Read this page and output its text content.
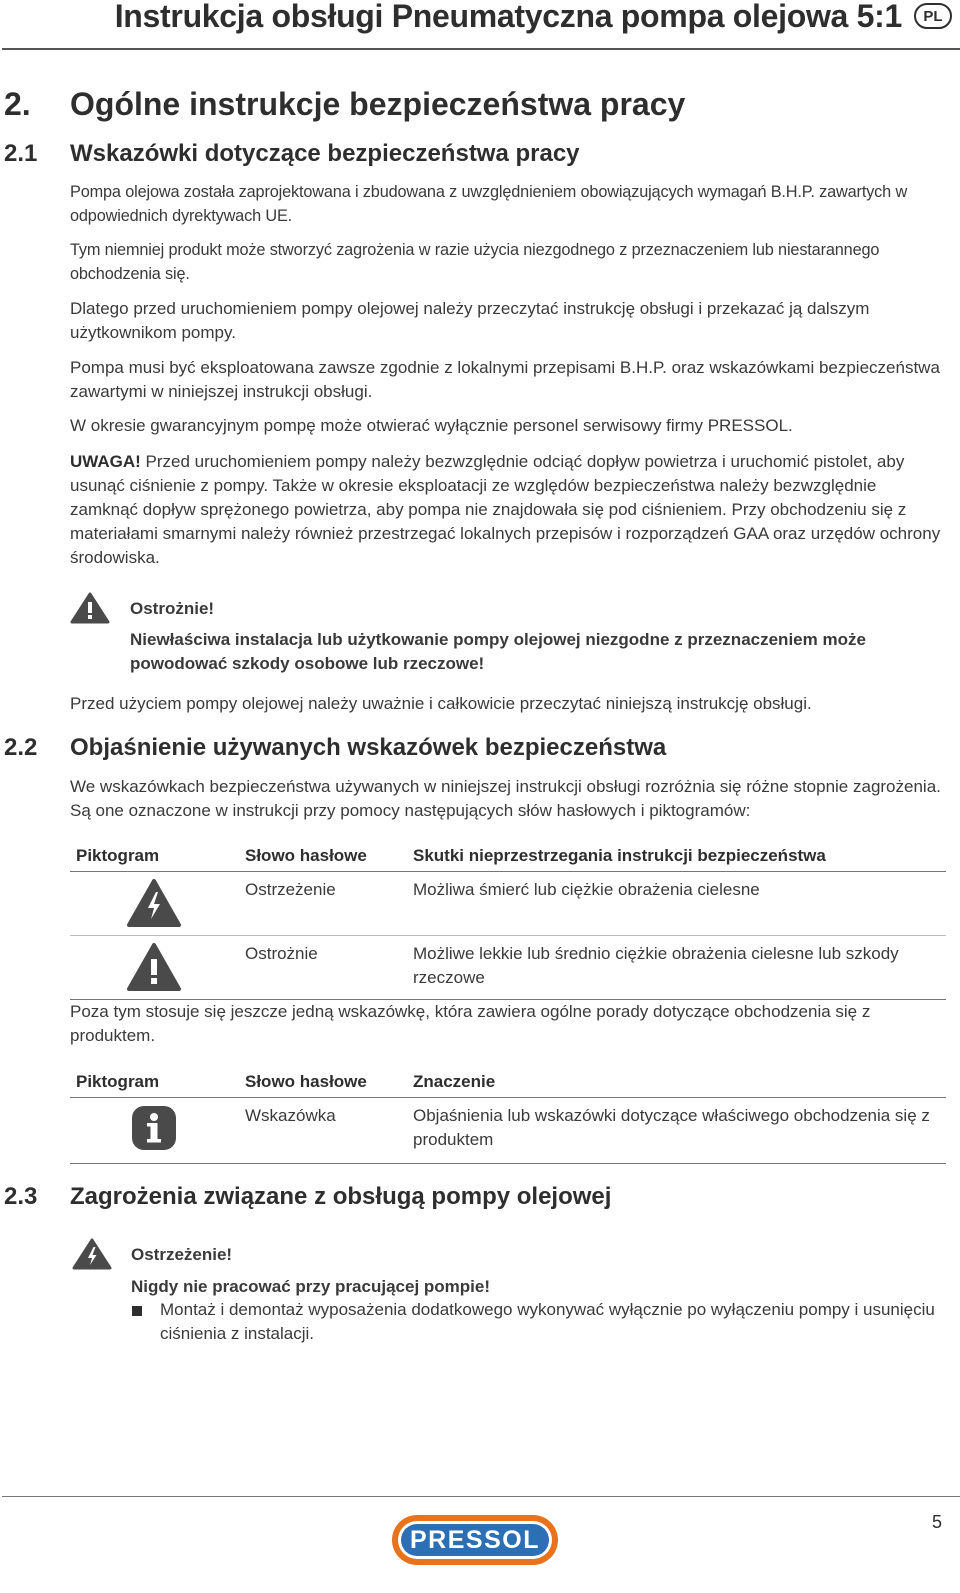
Instrukcja obsługi Pneumatyczna pompa olejowa 5:1	PL
2. Ogólne instrukcje bezpieczeństwa pracy
2.1 Wskazówki dotyczące bezpieczeństwa pracy

Pompa olejowa została zaprojektowana i zbudowana z uwzględnieniem obowiązujących wymagań B.H.P. zawartych w odpowiednich dyrektywach UE.

Tym niemniej produkt może stworzyć zagrożenia w razie użycia niezgodnego z przeznaczeniem lub niestarannego obchodzenia się.

Dlatego przed uruchomieniem pompy olejowej należy przeczytać instrukcję obsługi i przekazać ją dalszym użytkownikom pompy.

Pompa musi być eksploatowana zawsze zgodnie z lokalnymi przepisami B.H.P. oraz wskazówkami bezpieczeństwa zawartymi w niniejszej instrukcji obsługi.

W okresie gwarancyjnym pompę może otwierać wyłącznie personel serwisowy firmy PRESSOL.

UWAGA! Przed uruchomieniem pompy należy bezwzględnie odciąć dopływ powietrza i uruchomić pistolet, aby usunąć ciśnienie z pompy. Także w okresie eksploatacji ze względów bezpieczeństwa należy bezwzględnie zamknąć dopływ sprężonego powietrza, aby pompa nie znajdowała się pod ciśnieniem. Przy obchodzeniu się z materiałami smarnymi należy również przestrzegać lokalnych przepisów i rozporządzeń GAA oraz urzędów ochrony środowiska.

Ostrożnie!

Niewłaściwa instalacja lub użytkowanie pompy olejowej niezgodne z przeznaczeniem może powodować szkody osobowe lub rzeczowe!

Przed użyciem pompy olejowej należy uważnie i całkowicie przeczytać niniejszą instrukcję obsługi.

2.2 Objaśnienie używanych wskazówek bezpieczeństwa

We wskazówkach bezpieczeństwa używanych w niniejszej instrukcji obsługi rozróżnia się różne stopnie zagrożenia. Są one oznaczone w instrukcji przy pomocy następujących słów hasłowych i piktogramów:

Piktogram	Słowo hasłowe	Skutki nieprzestrzegania instrukcji bezpieczeństwa
	Ostrzeżenie	Możliwa śmierć lub ciężkie obrażenia cielesne
	Ostrożnie	Możliwe lekkie lub średnio ciężkie obrażenia cielesne lub szkody rzeczowe

Poza tym stosuje się jeszcze jedną wskazówkę, która zawiera ogólne porady dotyczące obchodzenia się z produktem.

Piktogram	Słowo hasłowe	Znaczenie
	Wskazówka	Objaśnienia lub wskazówki dotyczące właściwego obchodzenia się z produktem
2.3 Zagrożenia związane z obsługą pompy olejowej

Ostrzeżenie!

Nigdy nie pracować przy pracującej pompie!

Montaż i demontaż wyposażenia dodatkowego wykonywać wyłącznie po wyłączeniu pompy i usunięciu ciśnienia z instalacji.

PRESSOL
5
